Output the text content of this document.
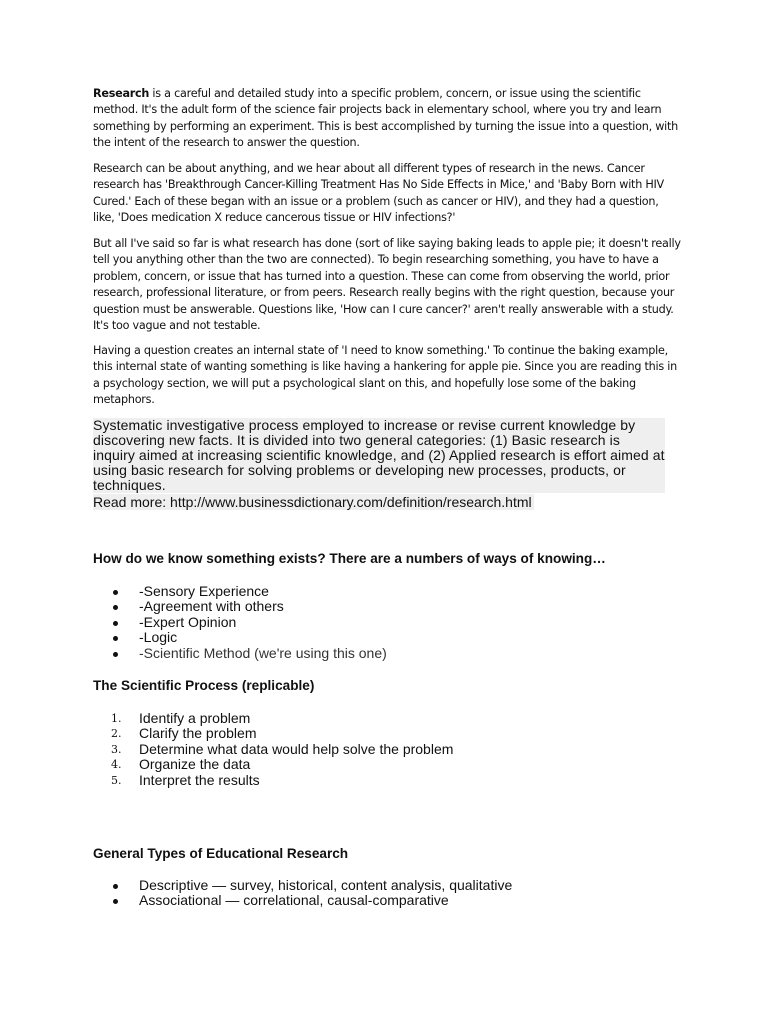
Research is a careful and detailed study into a specific problem, concern, or issue using the scientific method. It's the adult form of the science fair projects back in elementary school, where you try and learn something by performing an experiment. This is best accomplished by turning the issue into a question, with the intent of the research to answer the question.

Research can be about anything, and we hear about all different types of research in the news. Cancer research has 'Breakthrough Cancer-Killing Treatment Has No Side Effects in Mice,' and 'Baby Born with HIV Cured.' Each of these began with an issue or a problem (such as cancer or HIV), and they had a question, like, 'Does medication X reduce cancerous tissue or HIV infections?'

But all I've said so far is what research has done (sort of like saying baking leads to apple pie; it doesn't really tell you anything other than the two are connected). To begin researching something, you have to have a problem, concern, or issue that has turned into a question. These can come from observing the world, prior research, professional literature, or from peers. Research really begins with the right question, because your question must be answerable. Questions like, 'How can I cure cancer?' aren't really answerable with a study. It's too vague and not testable.

Having a question creates an internal state of 'I need to know something.' To continue the baking example, this internal state of wanting something is like having a hankering for apple pie. Since you are reading this in a psychology section, we will put a psychological slant on this, and hopefully lose some of the baking metaphors.

Systematic investigative process employed to increase or revise current knowledge by discovering new facts. It is divided into two general categories: (1) Basic research is inquiry aimed at increasing scientific knowledge, and (2) Applied research is effort aimed at using basic research for solving problems or developing new processes, products, or techniques.

Read more: http://www.businessdictionary.com/definition/research.html

How do we know something exists? There are a numbers of ways of knowing…

-Sensory Experience
-Agreement with others
-Expert Opinion
-Logic
-Scientific Method (we're using this one)

The Scientific Process (replicable)

1. Identify a problem
2. Clarify the problem
3. Determine what data would help solve the problem
4. Organize the data
5. Interpret the results

General Types of Educational Research

Descriptive — survey, historical, content analysis, qualitative
Associational — correlational, causal-comparative
